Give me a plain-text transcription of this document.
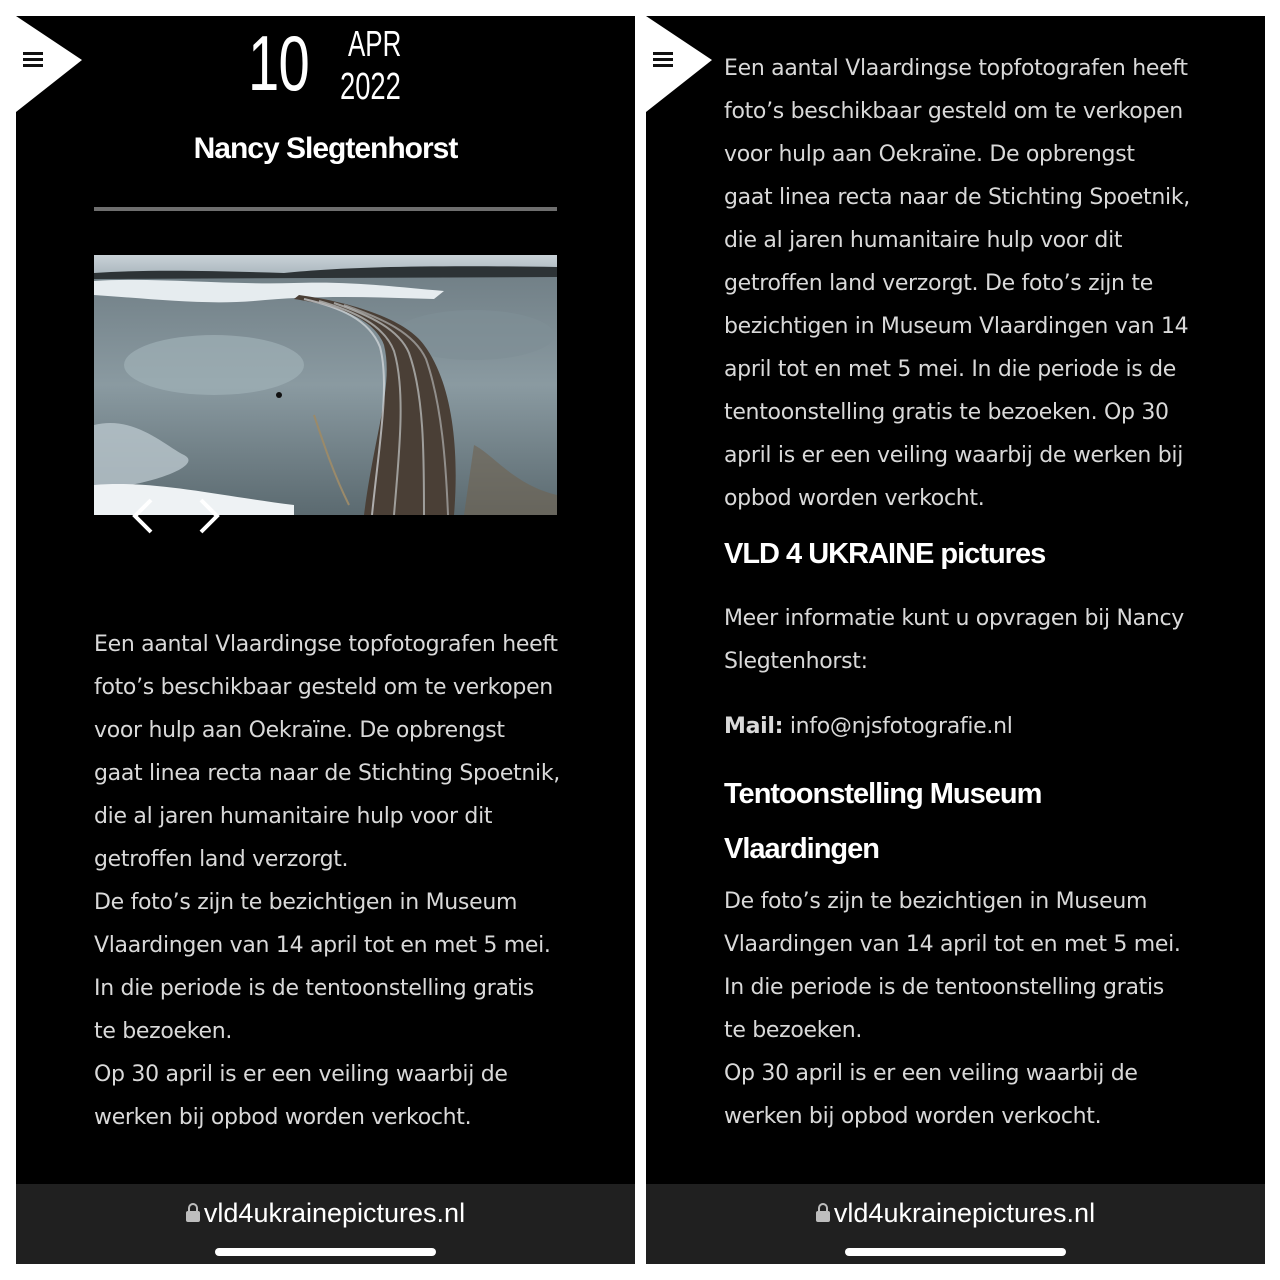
10 APR
2022
Nancy Slegtenhorst
Een aantal Vlaardingse topfotografen heeft
foto’s beschikbaar gesteld om te verkopen
voor hulp aan Oekraïne. De opbrengst
gaat linea recta naar de Stichting Spoetnik,
die al jaren humanitaire hulp voor dit
getroffen land verzorgt.
De foto’s zijn te bezichtigen in Museum
Vlaardingen van 14 april tot en met 5 mei.
In die periode is de tentoonstelling gratis
te bezoeken.
Op 30 april is er een veiling waarbij de
werken bij opbod worden verkocht.
vld4ukrainepictures.nl
Een aantal Vlaardingse topfotografen heeft
foto’s beschikbaar gesteld om te verkopen
voor hulp aan Oekraïne. De opbrengst
gaat linea recta naar de Stichting Spoetnik,
die al jaren humanitaire hulp voor dit
getroffen land verzorgt. De foto’s zijn te
bezichtigen in Museum Vlaardingen van 14
april tot en met 5 mei. In die periode is de
tentoonstelling gratis te bezoeken. Op 30
april is er een veiling waarbij de werken bij
opbod worden verkocht.
VLD 4 UKRAINE pictures
Meer informatie kunt u opvragen bij Nancy
Slegtenhorst:
Mail: info@njsfotografie.nl
Tentoonstelling Museum
Vlaardingen
De foto’s zijn te bezichtigen in Museum
Vlaardingen van 14 april tot en met 5 mei.
In die periode is de tentoonstelling gratis
te bezoeken.
Op 30 april is er een veiling waarbij de
werken bij opbod worden verkocht.
vld4ukrainepictures.nl
